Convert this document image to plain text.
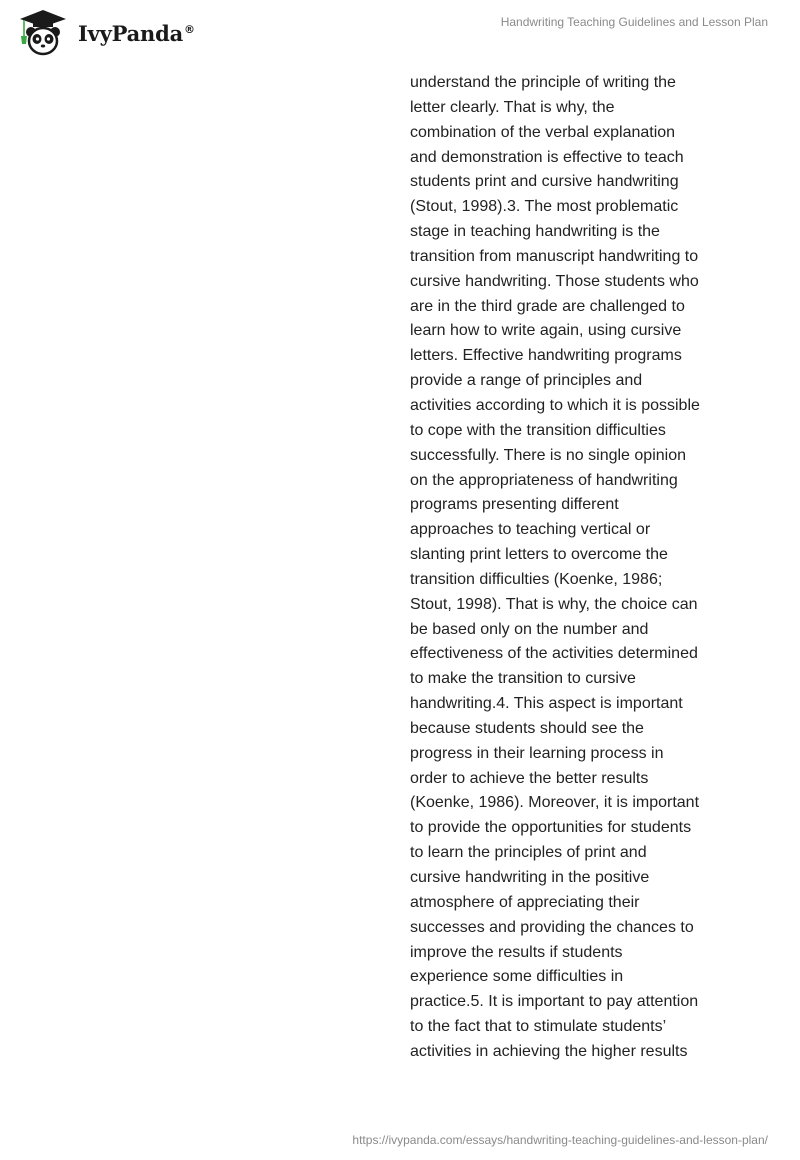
IvyPanda®	Handwriting Teaching Guidelines and Lesson Plan
understand the principle of writing the
letter clearly. That is why, the
combination of the verbal explanation
and demonstration is effective to teach
students print and cursive handwriting
(Stout, 1998).3. The most problematic
stage in teaching handwriting is the
transition from manuscript handwriting to
cursive handwriting. Those students who
are in the third grade are challenged to
learn how to write again, using cursive
letters. Effective handwriting programs
provide a range of principles and
activities according to which it is possible
to cope with the transition difficulties
successfully. There is no single opinion
on the appropriateness of handwriting
programs presenting different
approaches to teaching vertical or
slanting print letters to overcome the
transition difficulties (Koenke, 1986;
Stout, 1998). That is why, the choice can
be based only on the number and
effectiveness of the activities determined
to make the transition to cursive
handwriting.4. This aspect is important
because students should see the
progress in their learning process in
order to achieve the better results
(Koenke, 1986). Moreover, it is important
to provide the opportunities for students
to learn the principles of print and
cursive handwriting in the positive
atmosphere of appreciating their
successes and providing the chances to
improve the results if students
experience some difficulties in
practice.5. It is important to pay attention
to the fact that to stimulate students’
activities in achieving the higher results
https://ivypanda.com/essays/handwriting-teaching-guidelines-and-lesson-plan/
